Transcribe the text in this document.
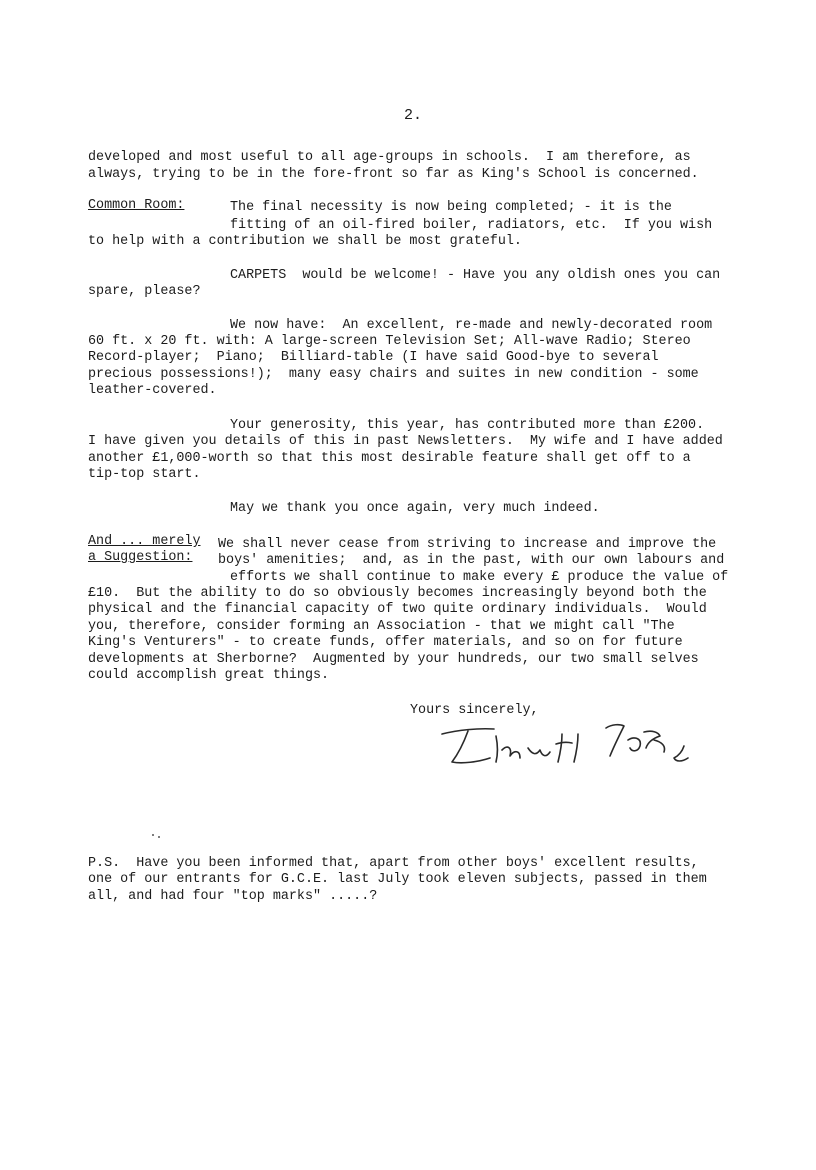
2.
developed and most useful to all age-groups in schools.  I am therefore, as
always, trying to be in the fore-front so far as King's School is concerned.
Common Room:	The final necessity is now being completed; - it is the
fitting of an oil-fired boiler, radiators, etc.  If you wish
to help with a contribution we shall be most grateful.
CARPETS  would be welcome! - Have you any oldish ones you can
spare, please?
We now have:  An excellent, re-made and newly-decorated room
60 ft. x 20 ft. with: A large-screen Television Set; All-wave Radio; Stereo
Record-player;  Piano;  Billiard-table (I have said Good-bye to several
precious possessions!);  many easy chairs and suites in new condition - some
leather-covered.
Your generosity, this year, has contributed more than £200.
I have given you details of this in past Newsletters.  My wife and I have added
another £1,000-worth so that this most desirable feature shall get off to a
tip-top start.
May we thank you once again, very much indeed.
And ... merely
a Suggestion:
We shall never cease from striving to increase and improve the
boys' amenities;  and, as in the past, with our own labours and
efforts we shall continue to make every £ produce the value of
£10.  But the ability to do so obviously becomes increasingly beyond both the
physical and the financial capacity of two quite ordinary individuals.  Would
you, therefore, consider forming an Association - that we might call "The
King's Venturers" - to create funds, offer materials, and so on for future
developments at Sherborne?  Augmented by your hundreds, our two small selves
could accomplish great things.
Yours sincerely,
P.S.  Have you been informed that, apart from other boys' excellent results,
one of our entrants for G.C.E. last July took eleven subjects, passed in them
all, and had four "top marks" .....?
